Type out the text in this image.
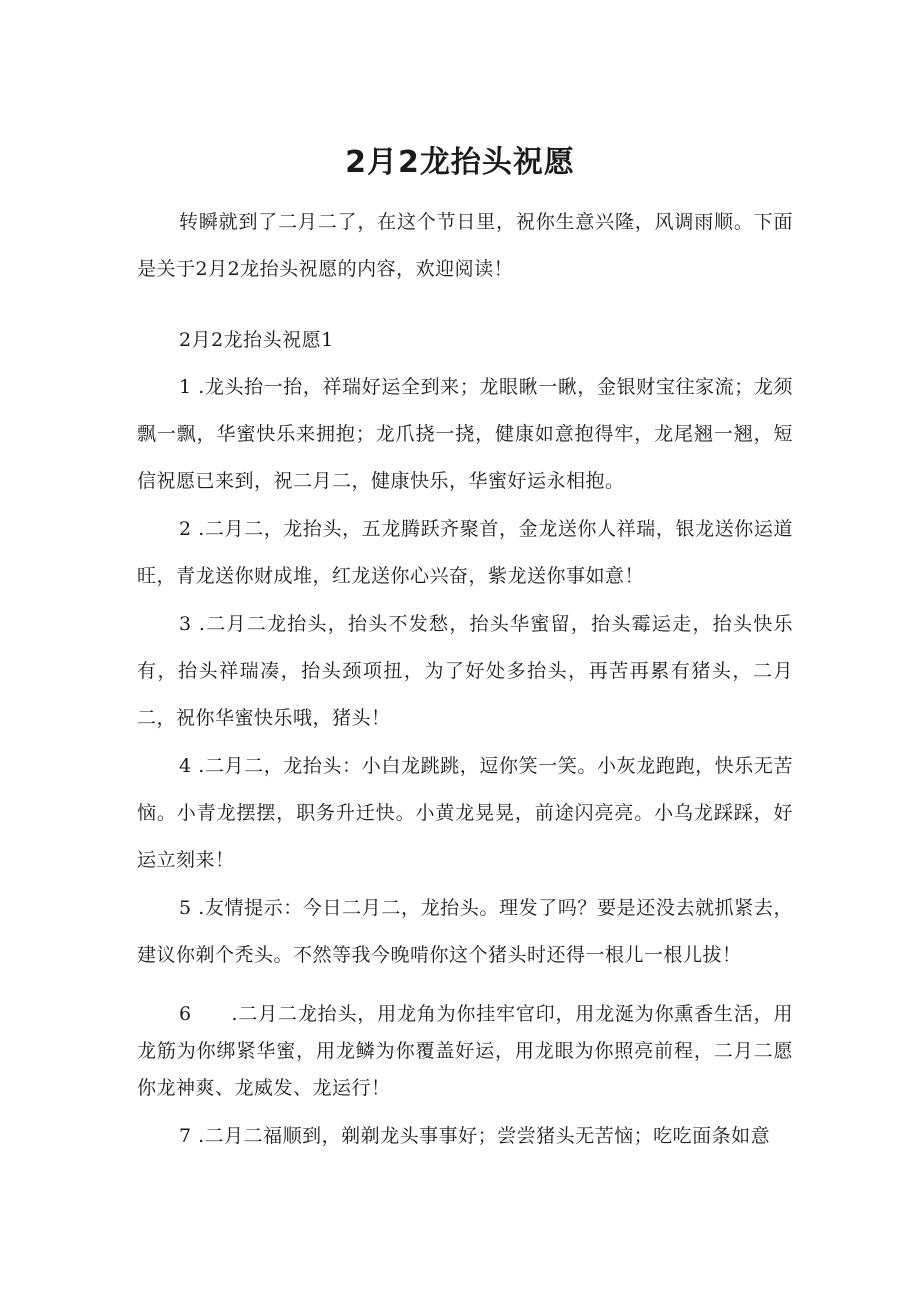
2月2龙抬头祝愿

转瞬就到了二月二了，在这个节日里，祝你生意兴隆，风调雨顺。下面是关于2月2龙抬头祝愿的内容，欢迎阅读！

2月2龙抬头祝愿1

1 .龙头抬一抬，祥瑞好运全到来；龙眼瞅一瞅，金银财宝往家流；龙须飘一飘，华蜜快乐来拥抱；龙爪挠一挠，健康如意抱得牢，龙尾翘一翘，短信祝愿已来到，祝二月二，健康快乐，华蜜好运永相抱。

2 .二月二，龙抬头，五龙腾跃齐聚首，金龙送你人祥瑞，银龙送你运道旺，青龙送你财成堆，红龙送你心兴奋，紫龙送你事如意！

3 .二月二龙抬头，抬头不发愁，抬头华蜜留，抬头霉运走，抬头快乐有，抬头祥瑞凑，抬头颈项扭，为了好处多抬头，再苦再累有猪头，二月二，祝你华蜜快乐哦，猪头！

4 .二月二，龙抬头：小白龙跳跳，逗你笑一笑。小灰龙跑跑，快乐无苦恼。小青龙摆摆，职务升迁快。小黄龙晃晃，前途闪亮亮。小乌龙踩踩，好运立刻来！

5 .友情提示：今日二月二，龙抬头。理发了吗？要是还没去就抓紧去，建议你剃个秃头。不然等我今晚啃你这个猪头时还得一根儿一根儿拔！

6　　.二月二龙抬头，用龙角为你挂牢官印，用龙涎为你熏香生活，用龙筋为你绑紧华蜜，用龙鳞为你覆盖好运，用龙眼为你照亮前程，二月二愿你龙神爽、龙威发、龙运行！

7 .二月二福顺到，剃剃龙头事事好；尝尝猪头无苦恼；吃吃面条如意
